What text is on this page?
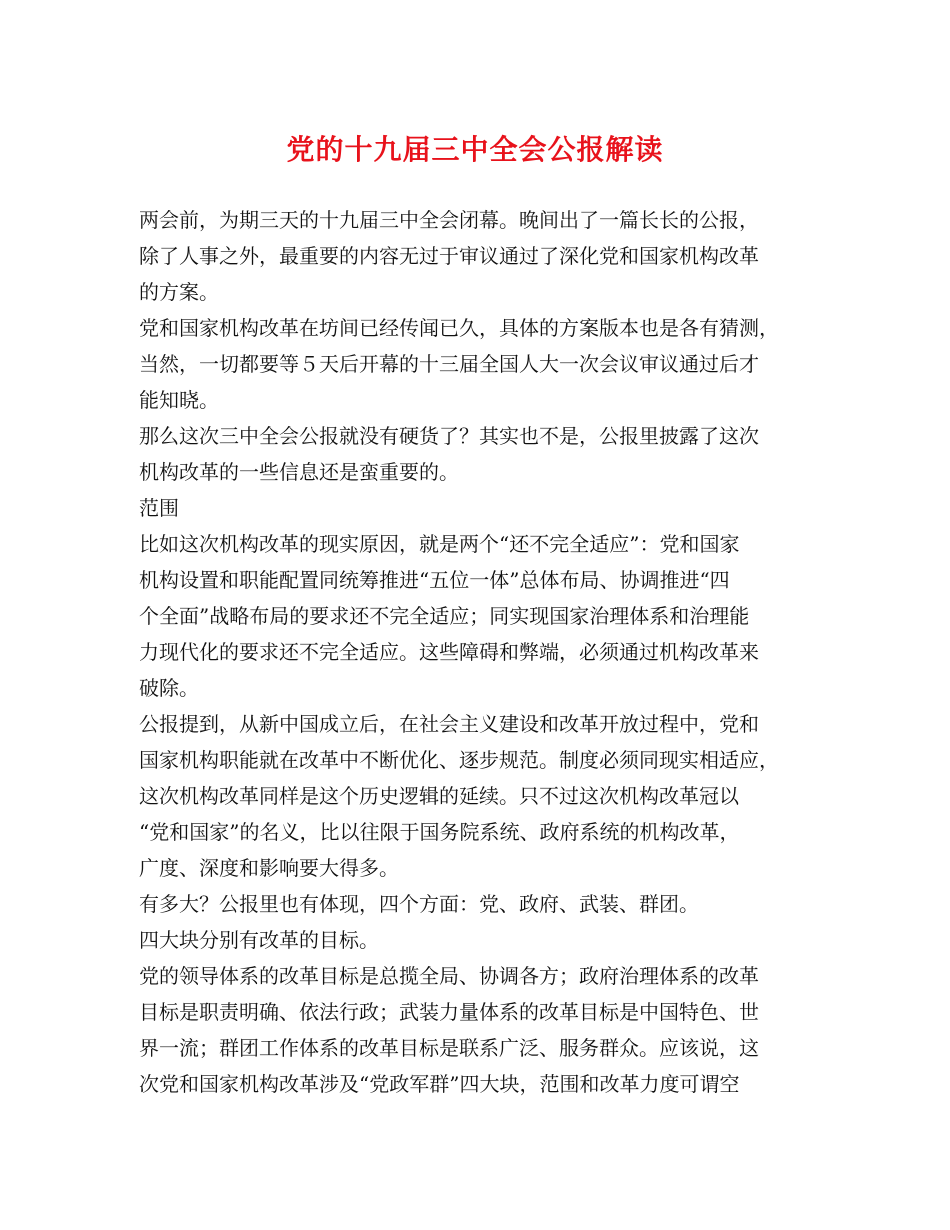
党的十九届三中全会公报解读
两会前，为期三天的十九届三中全会闭幕。晚间出了一篇长长的公报，
除了人事之外，最重要的内容无过于审议通过了深化党和国家机构改革
的方案。
党和国家机构改革在坊间已经传闻已久，具体的方案版本也是各有猜测，
当然，一切都要等５天后开幕的十三届全国人大一次会议审议通过后才
能知晓。
那么这次三中全会公报就没有硬货了？其实也不是，公报里披露了这次
机构改革的一些信息还是蛮重要的。
范围
比如这次机构改革的现实原因，就是两个“还不完全适应”：党和国家
机构设置和职能配置同统筹推进“五位一体”总体布局、协调推进“四
个全面”战略布局的要求还不完全适应；同实现国家治理体系和治理能
力现代化的要求还不完全适应。这些障碍和弊端，必须通过机构改革来
破除。
公报提到，从新中国成立后，在社会主义建设和改革开放过程中，党和
国家机构职能就在改革中不断优化、逐步规范。制度必须同现实相适应，
这次机构改革同样是这个历史逻辑的延续。只不过这次机构改革冠以
“党和国家”的名义，比以往限于国务院系统、政府系统的机构改革，
广度、深度和影响要大得多。
有多大？公报里也有体现，四个方面：党、政府、武装、群团。
四大块分别有改革的目标。
党的领导体系的改革目标是总揽全局、协调各方；政府治理体系的改革
目标是职责明确、依法行政；武装力量体系的改革目标是中国特色、世
界一流；群团工作体系的改革目标是联系广泛、服务群众。应该说，这
次党和国家机构改革涉及“党政军群”四大块，范围和改革力度可谓空
